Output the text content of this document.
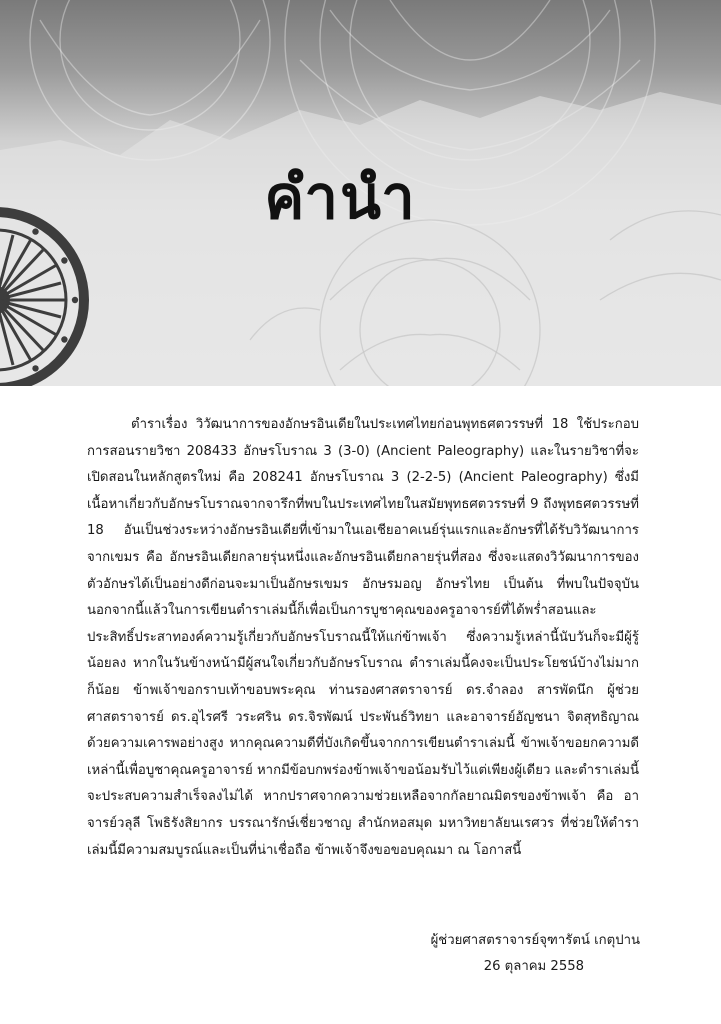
คำนำ

ตำราเรื่อง วิวัฒนาการของอักษรอินเดียในประเทศไทยก่อนพุทธศตวรรษที่ 18 ใช้ประกอบการสอนรายวิชา 208433 อักษรโบราณ 3 (3-0) (Ancient Paleography) และในรายวิชาที่จะเปิดสอนในหลักสูตรใหม่ คือ 208241 อักษรโบราณ 3 (2-2-5) (Ancient Paleography) ซึ่งมีเนื้อหาเกี่ยวกับอักษรโบราณจากจารึกที่พบในประเทศไทยในสมัยพุทธศตวรรษที่ 9 ถึงพุทธศตวรรษที่ 18 อันเป็นช่วงระหว่างอักษรอินเดียที่เข้ามาในเอเชียอาคเนย์รุ่นแรกและอักษรที่ได้รับวิวัฒนาการจากเขมร คือ อักษรอินเดียกลายรุ่นหนึ่งและอักษรอินเดียกลายรุ่นที่สอง ซึ่งจะแสดงวิวัฒนาการของตัวอักษรได้เป็นอย่างดีก่อนจะมาเป็นอักษรเขมร อักษรมอญ อักษรไทย เป็นต้น ที่พบในปัจจุบัน นอกจากนี้แล้วในการเขียนตำราเล่มนี้ก็เพื่อเป็นการบูชาคุณของครูอาจารย์ที่ได้พร่ำสอนและประสิทธิ์ประสาทองค์ความรู้เกี่ยวกับอักษรโบราณนี้ให้แก่ข้าพเจ้า ซึ่งความรู้เหล่านี้นับวันก็จะมีผู้รู้น้อยลง หากในวันข้างหน้ามีผู้สนใจเกี่ยวกับอักษรโบราณ ตำราเล่มนี้คงจะเป็นประโยชน์บ้างไม่มากก็น้อย ข้าพเจ้าขอกราบเท้าขอบพระคุณ ท่านรองศาสตราจารย์ ดร.จำลอง สารพัดนึก ผู้ช่วยศาสตราจารย์ ดร.อุไรศรี วระศริน ดร.จิรพัฒน์ ประพันธ์วิทยา และอาจารย์อัญชนา จิตสุทธิญาณ ด้วยความเคารพอย่างสูง หากคุณความดีที่บังเกิดขึ้นจากการเขียนตำราเล่มนี้ ข้าพเจ้าขอยกความดีเหล่านี้เพื่อบูชาคุณครูอาจารย์ หากมีข้อบกพร่องข้าพเจ้าขอน้อมรับไว้แต่เพียงผู้เดียว และตำราเล่มนี้จะประสบความสำเร็จลงไม่ได้ หากปราศจากความช่วยเหลือจากกัลยาณมิตรของข้าพเจ้า คือ อาจารย์วลุลี โพธิรังสิยากร บรรณารักษ์เชี่ยวชาญ สำนักหอสมุด มหาวิทยาลัยนเรศวร ที่ช่วยให้ตำราเล่มนี้มีความสมบูรณ์และเป็นที่น่าเชื่อถือ ข้าพเจ้าจึงขอขอบคุณมา ณ โอกาสนี้

ผู้ช่วยศาสตราจารย์จุฑารัตน์ เกตุปาน
26 ตุลาคม 2558
